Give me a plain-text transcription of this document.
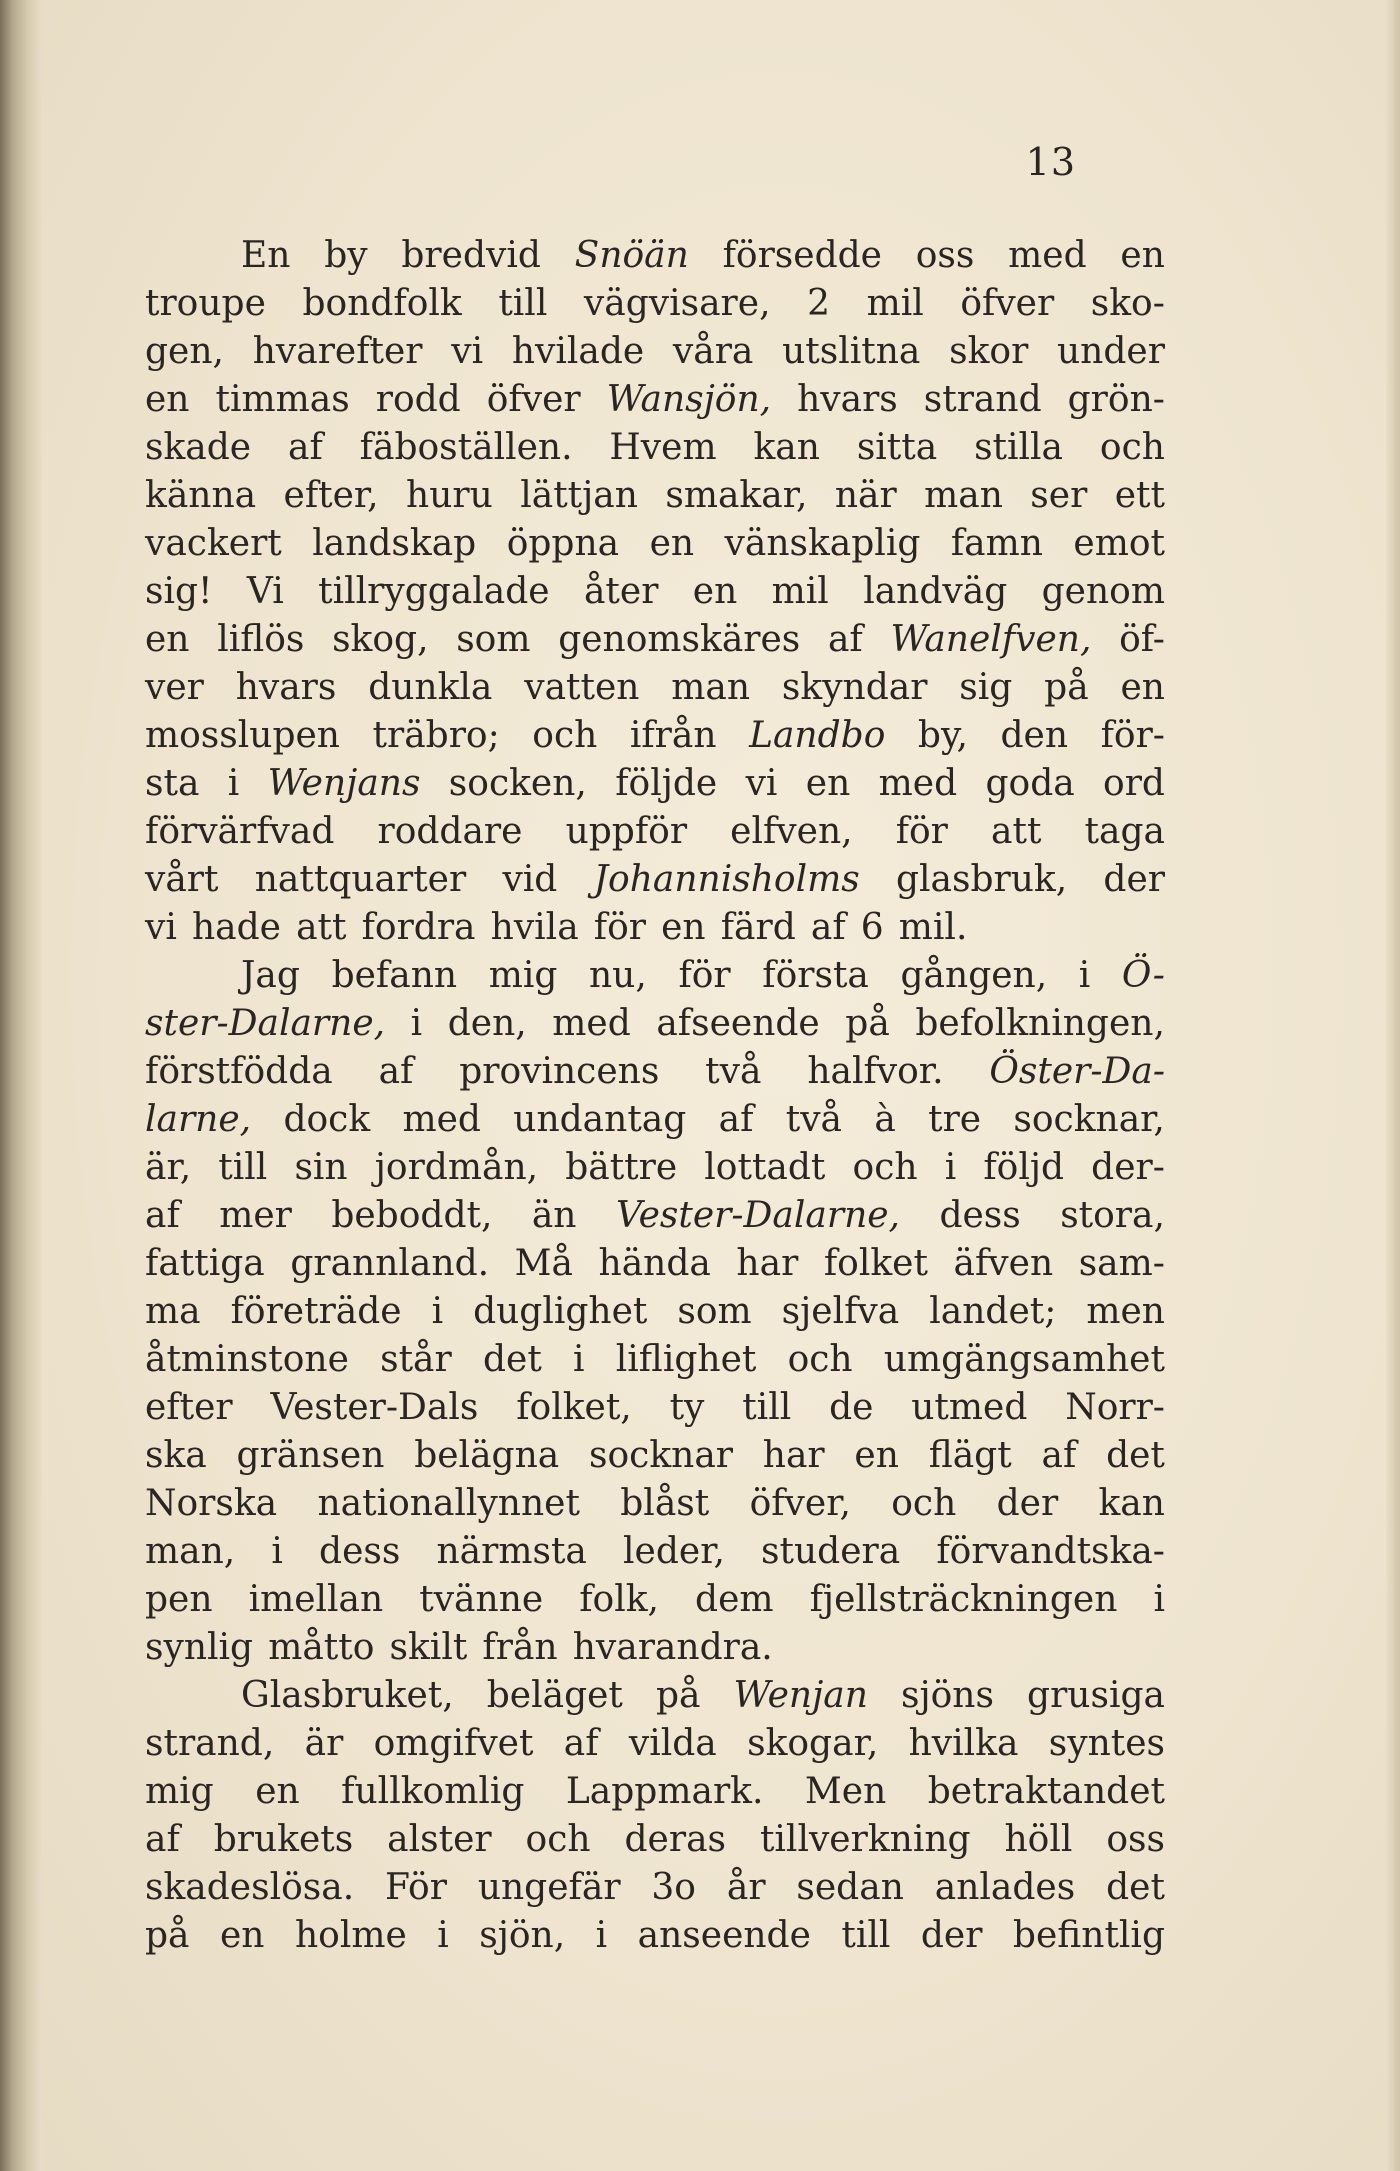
13
En by bredvid Snöän försedde oss med en
troupe bondfolk till vägvisare, 2 mil öfver sko-
gen, hvarefter vi hvilade våra utslitna skor under
en timmas rodd öfver Wansjön, hvars strand grön-
skade af fäboställen. Hvem kan sitta stilla och
känna efter, huru lättjan smakar, när man ser ett
vackert landskap öppna en vänskaplig famn emot
sig! Vi tillryggalade åter en mil landväg genom
en liflös skog, som genomskäres af Wanelfven, öf-
ver hvars dunkla vatten man skyndar sig på en
mosslupen träbro; och ifrån Landbo by, den för-
sta i Wenjans socken, följde vi en med goda ord
förvärfvad roddare uppför elfven, för att taga
vårt nattquarter vid Johannisholms glasbruk, der
vi hade att fordra hvila för en färd af 6 mil.
Jag befann mig nu, för första gången, i Ö-
ster-Dalarne, i den, med afseende på befolkningen,
förstfödda af provincens två halfvor. Öster-Da-
larne, dock med undantag af två à tre socknar,
är, till sin jordmån, bättre lottadt och i följd der-
af mer beboddt, än Vester-Dalarne, dess stora,
fattiga grannland. Må hända har folket äfven sam-
ma företräde i duglighet som sjelfva landet; men
åtminstone står det i liflighet och umgängsamhet
efter Vester-Dals folket, ty till de utmed Norr-
ska gränsen belägna socknar har en flägt af det
Norska nationallynnet blåst öfver, och der kan
man, i dess närmsta leder, studera förvandtska-
pen imellan tvänne folk, dem fjellsträckningen i
synlig måtto skilt från hvarandra.
Glasbruket, beläget på Wenjan sjöns grusiga
strand, är omgifvet af vilda skogar, hvilka syntes
mig en fullkomlig Lappmark. Men betraktandet
af brukets alster och deras tillverkning höll oss
skadeslösa. För ungefär 3o år sedan anlades det
på en holme i sjön, i anseende till der befintlig
